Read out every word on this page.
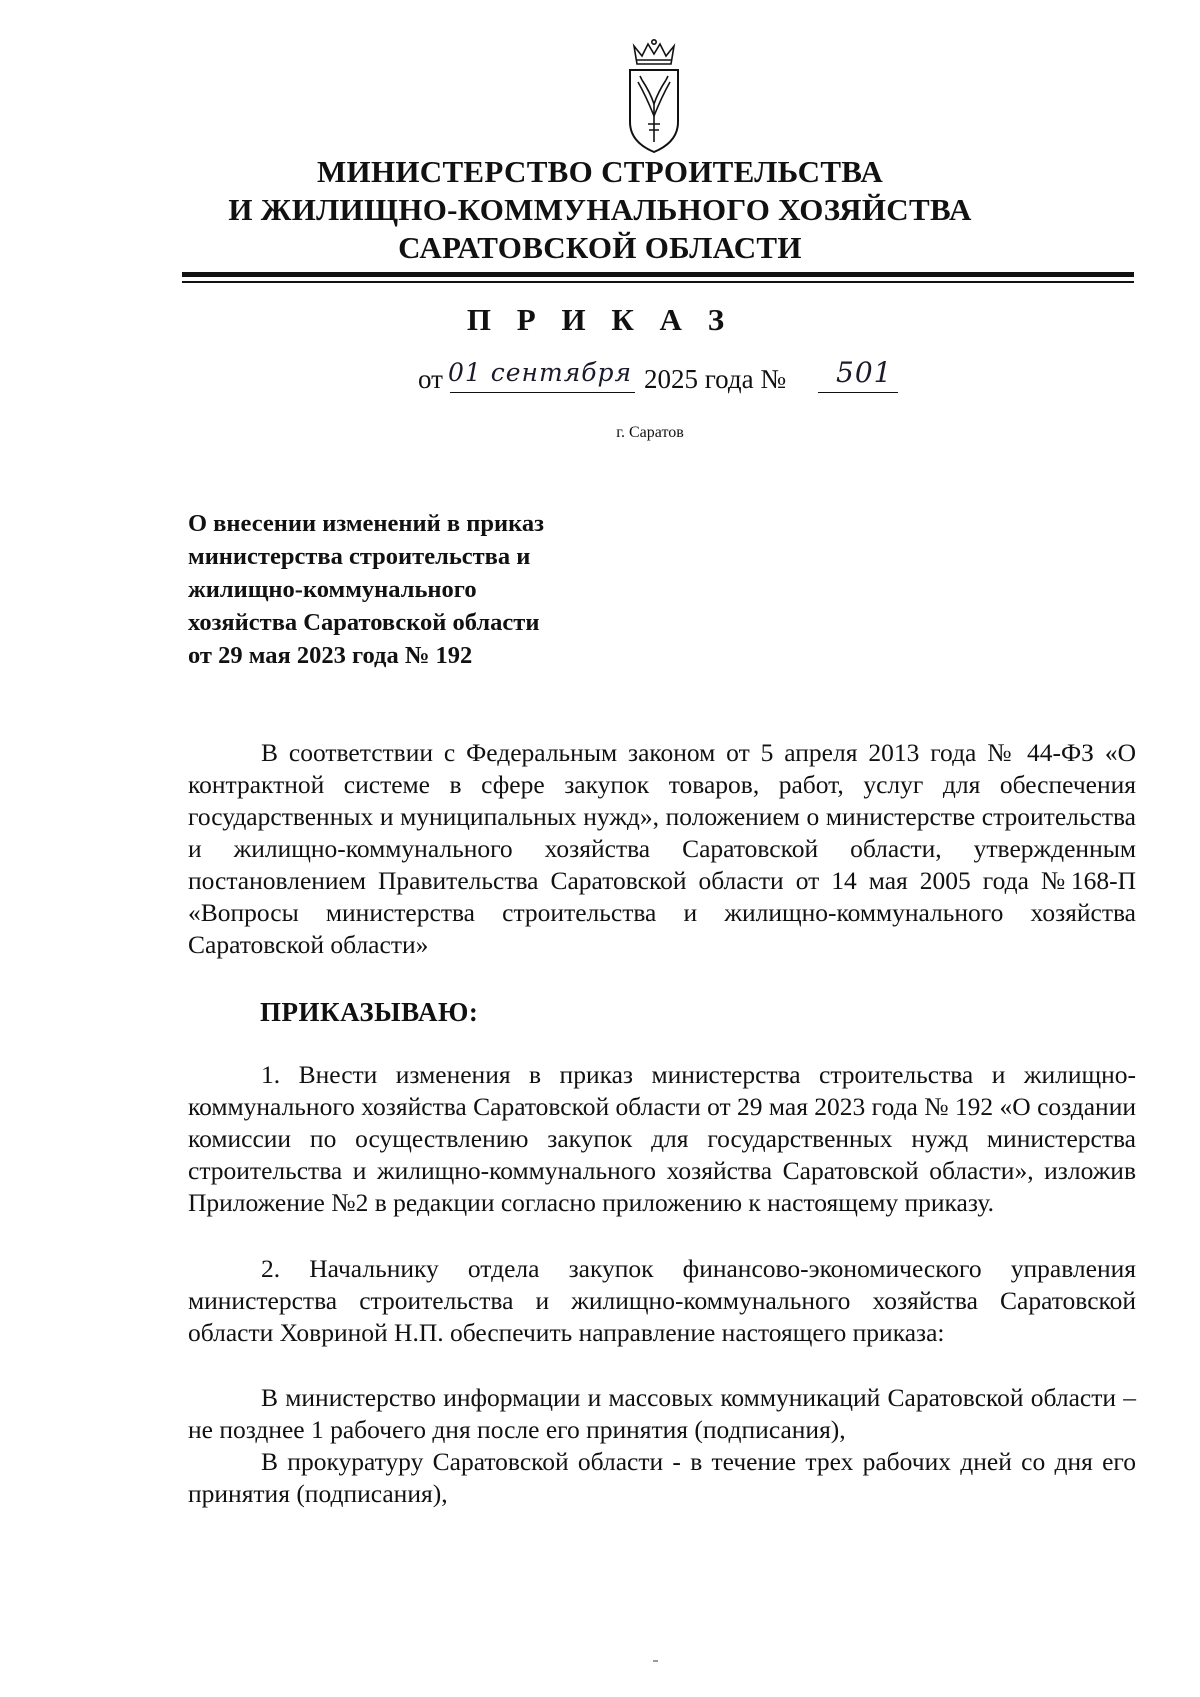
МИНИСТЕРСТВО СТРОИТЕЛЬСТВА
И ЖИЛИЩНО-КОММУНАЛЬНОГО ХОЗЯЙСТВА
САРАТОВСКОЙ ОБЛАСТИ
П Р И К А З
от 01 сентября 2025 года № 501
г. Саратов
О внесении изменений в приказ
министерства строительства и
жилищно-коммунального
хозяйства Саратовской области
от 29 мая 2023 года № 192

В соответствии с Федеральным законом от 5 апреля 2013 года № 44-ФЗ «О контрактной системе в сфере закупок товаров, работ, услуг для обеспечения государственных и муниципальных нужд», положением о министерстве строительства и жилищно-коммунального хозяйства Саратовской области, утвержденным постановлением Правительства Саратовской области от 14 мая 2005 года №168-П «Вопросы министерства строительства и жилищно-коммунального хозяйства Саратовской области»

ПРИКАЗЫВАЮ:

1. Внести изменения в приказ министерства строительства и жилищно-коммунального хозяйства Саратовской области от 29 мая 2023 года № 192 «О создании комиссии по осуществлению закупок для государственных нужд министерства строительства и жилищно-коммунального хозяйства Саратовской области», изложив Приложение №2 в редакции согласно приложению к настоящему приказу.

2. Начальнику отдела закупок финансово-экономического управления министерства строительства и жилищно-коммунального хозяйства Саратовской области Ховриной Н.П. обеспечить направление настоящего приказа:

В министерство информации и массовых коммуникаций Саратовской области – не позднее 1 рабочего дня после его принятия (подписания),

В прокуратуру Саратовской области - в течение трех рабочих дней со дня его принятия (подписания),
